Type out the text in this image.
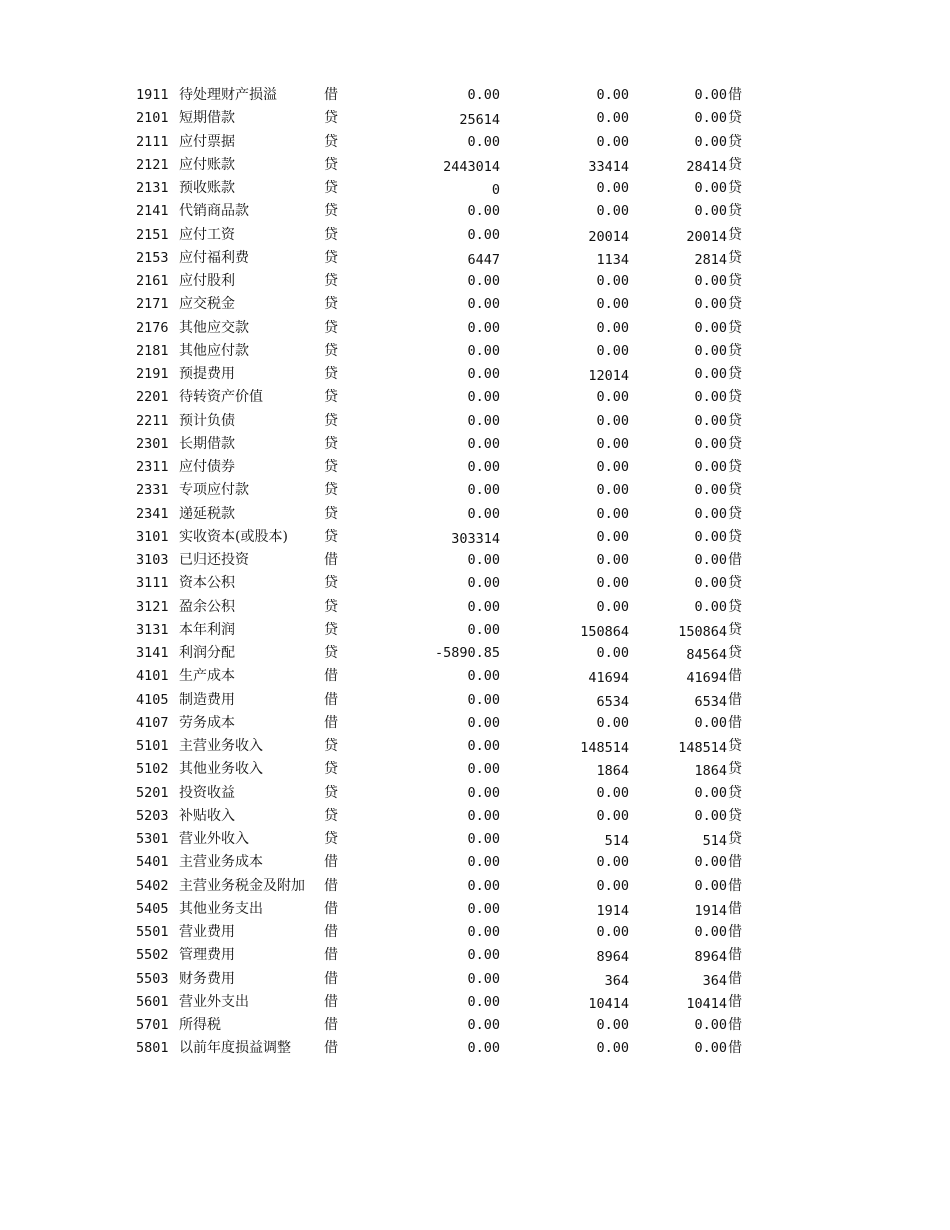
1911 待处理财产损溢	借	0.00	0.00	0.00 借
2101 短期借款	贷	25614	0.00	0.00 贷
2111 应付票据	贷	0.00	0.00	0.00 贷
2121 应付账款	贷	2443014	33414	28414 贷
2131 预收账款	贷	0	0.00	0.00 贷
2141 代销商品款	贷	0.00	0.00	0.00 贷
2151 应付工资	贷	0.00	20014	20014 贷
2153 应付福利费	贷	6447	1134	2814 贷
2161 应付股利	贷	0.00	0.00	0.00 贷
2171 应交税金	贷	0.00	0.00	0.00 贷
2176 其他应交款	贷	0.00	0.00	0.00 贷
2181 其他应付款	贷	0.00	0.00	0.00 贷
2191 预提费用	贷	0.00	12014	0.00 贷
2201 待转资产价值	贷	0.00	0.00	0.00 贷
2211 预计负债	贷	0.00	0.00	0.00 贷
2301 长期借款	贷	0.00	0.00	0.00 贷
2311 应付债券	贷	0.00	0.00	0.00 贷
2331 专项应付款	贷	0.00	0.00	0.00 贷
2341 递延税款	贷	0.00	0.00	0.00 贷
3101 实收资本(或股本)	贷	303314	0.00	0.00 贷
3103 已归还投资	借	0.00	0.00	0.00 借
3111 资本公积	贷	0.00	0.00	0.00 贷
3121 盈余公积	贷	0.00	0.00	0.00 贷
3131 本年利润	贷	0.00	150864	150864 贷
3141 利润分配	贷	-5890.85	0.00	84564 贷
4101 生产成本	借	0.00	41694	41694 借
4105 制造费用	借	0.00	6534	6534 借
4107 劳务成本	借	0.00	0.00	0.00 借
5101 主营业务收入	贷	0.00	148514	148514 贷
5102 其他业务收入	贷	0.00	1864	1864 贷
5201 投资收益	贷	0.00	0.00	0.00 贷
5203 补贴收入	贷	0.00	0.00	0.00 贷
5301 营业外收入	贷	0.00	514	514 贷
5401 主营业务成本	借	0.00	0.00	0.00 借
5402 主营业务税金及附加	借	0.00	0.00	0.00 借
5405 其他业务支出	借	0.00	1914	1914 借
5501 营业费用	借	0.00	0.00	0.00 借
5502 管理费用	借	0.00	8964	8964 借
5503 财务费用	借	0.00	364	364 借
5601 营业外支出	借	0.00	10414	10414 借
5701 所得税	借	0.00	0.00	0.00 借
5801 以前年度损益调整	借	0.00	0.00	0.00 借
